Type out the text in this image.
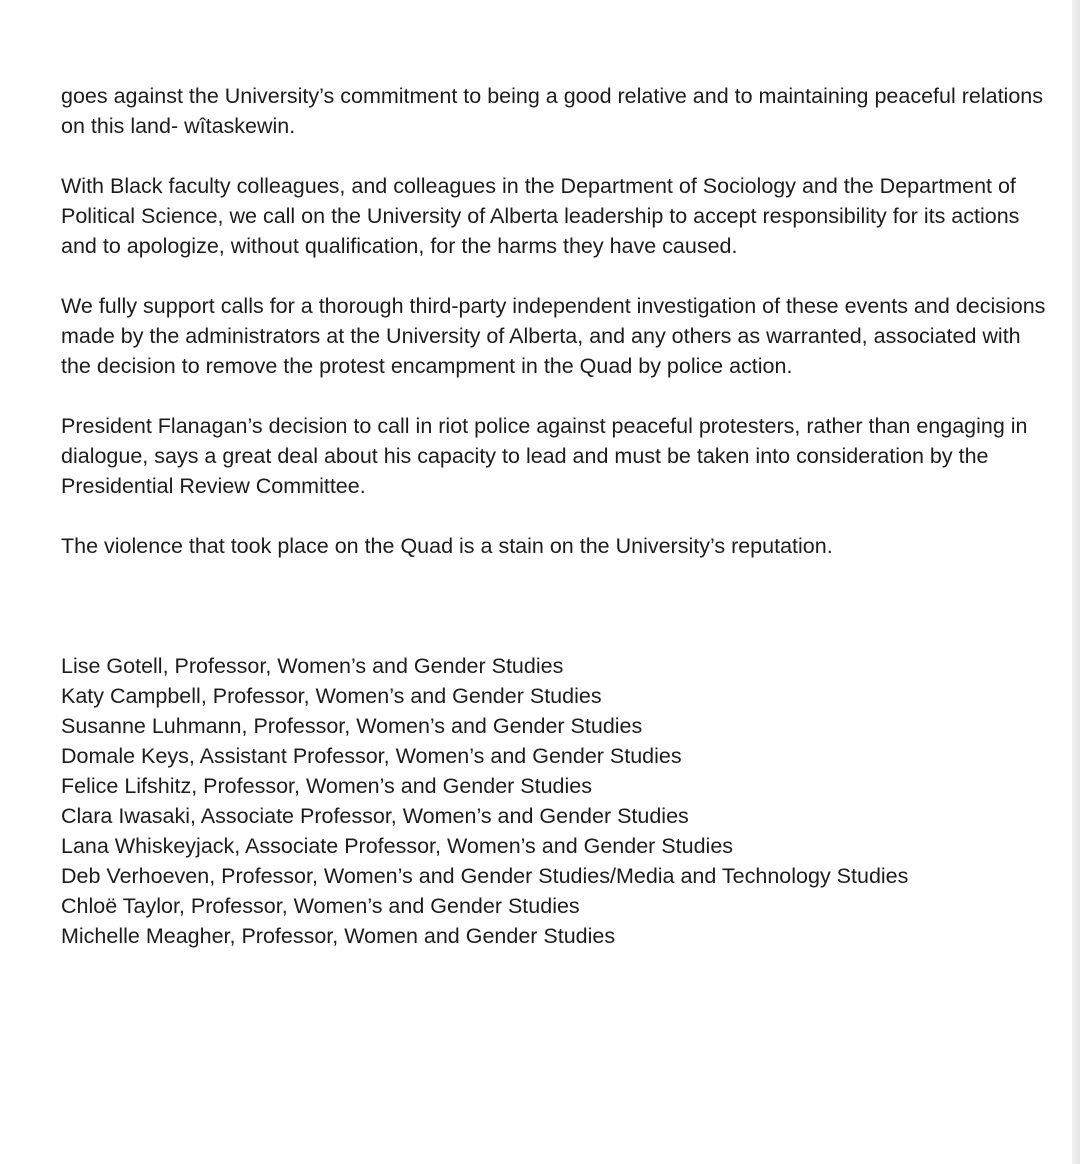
goes against the University’s commitment to being a good relative and to maintaining peaceful relations on this land- wîtaskewin.

With Black faculty colleagues, and colleagues in the Department of Sociology and the Department of Political Science, we call on the University of Alberta leadership to accept responsibility for its actions and to apologize, without qualification, for the harms they have caused.

We fully support calls for a thorough third-party independent investigation of these events and decisions made by the administrators at the University of Alberta, and any others as warranted, associated with the decision to remove the protest encampment in the Quad by police action.

President Flanagan’s decision to call in riot police against peaceful protesters, rather than engaging in dialogue, says a great deal about his capacity to lead and must be taken into consideration by the Presidential Review Committee.

The violence that took place on the Quad is a stain on the University’s reputation.

Lise Gotell, Professor, Women’s and Gender Studies

Katy Campbell, Professor, Women’s and Gender Studies

Susanne Luhmann, Professor, Women’s and Gender Studies

Domale Keys, Assistant Professor, Women’s and Gender Studies

Felice Lifshitz, Professor, Women’s and Gender Studies

Clara Iwasaki, Associate Professor, Women’s and Gender Studies

Lana Whiskeyjack, Associate Professor, Women’s and Gender Studies

Deb Verhoeven, Professor, Women’s and Gender Studies/Media and Technology Studies

Chloë Taylor, Professor, Women’s and Gender Studies

Michelle Meagher, Professor, Women and Gender Studies
